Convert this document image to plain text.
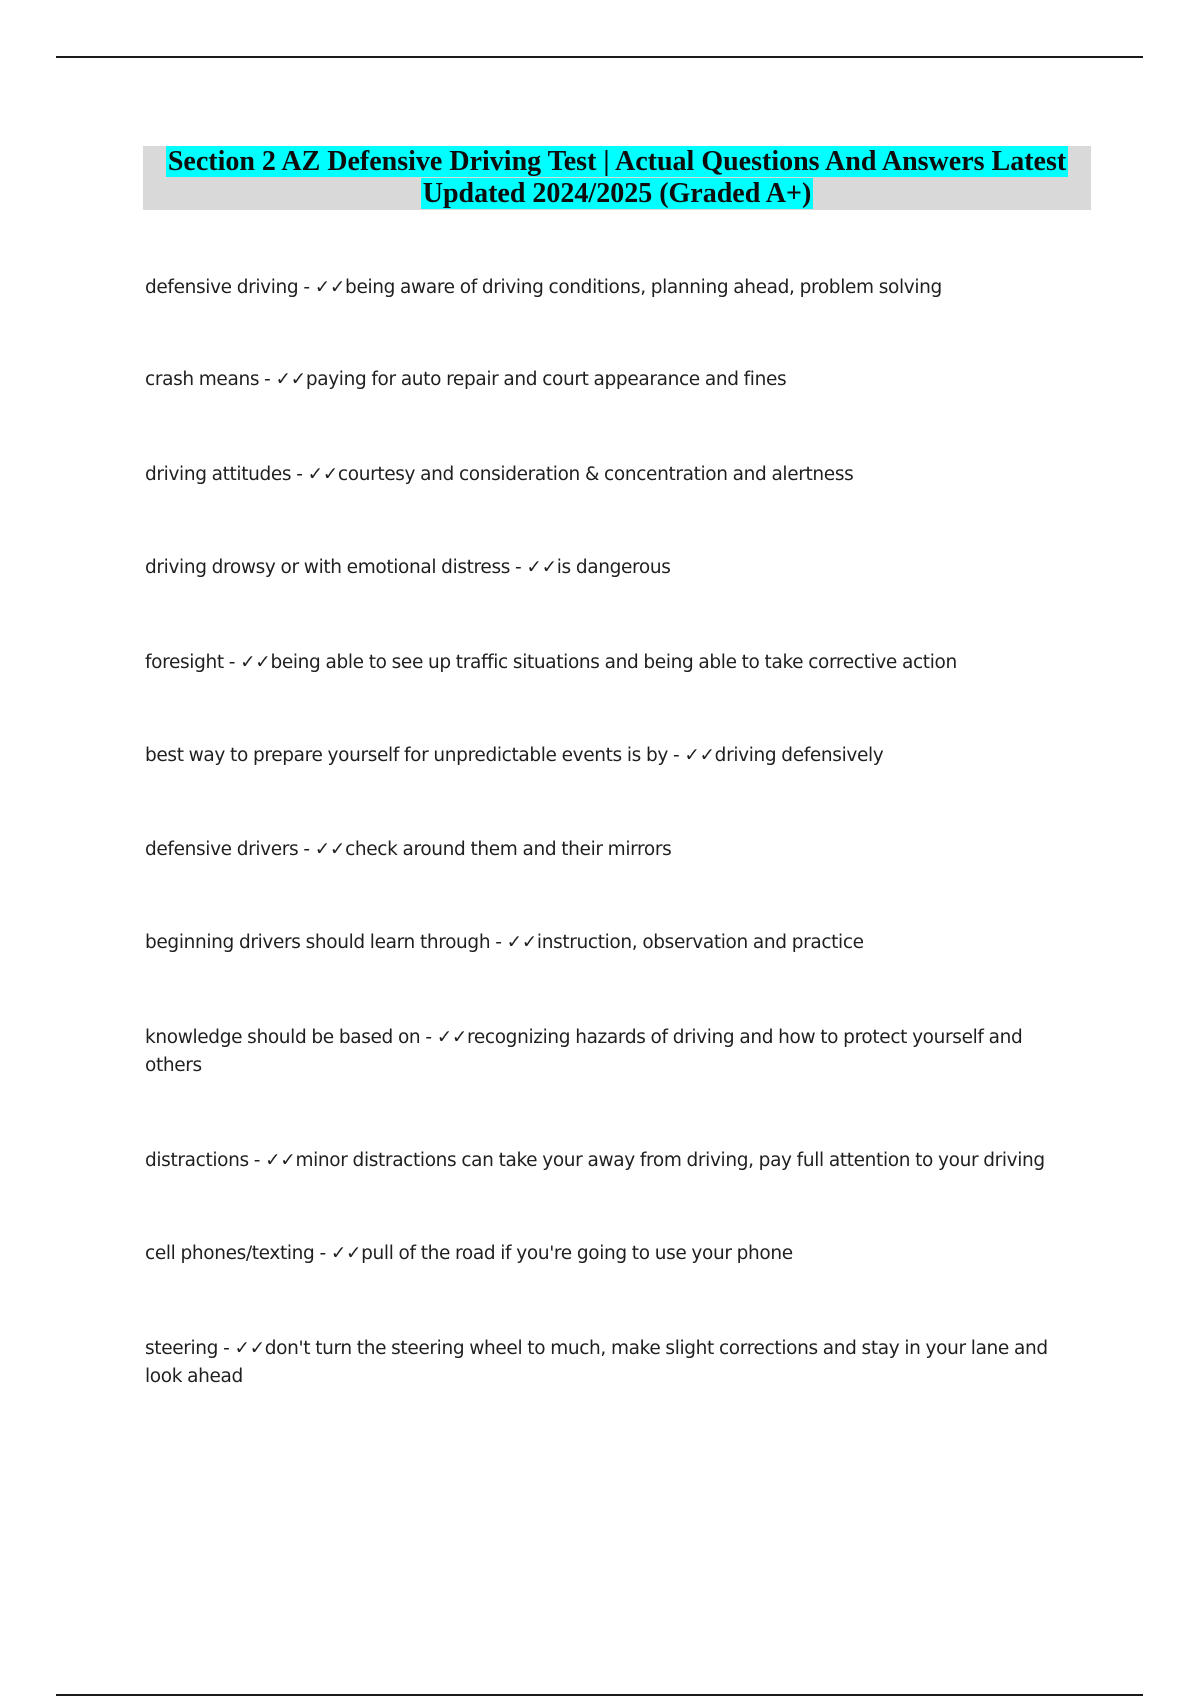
Section 2 AZ Defensive Driving Test | Actual Questions And Answers Latest
Updated 2024/2025 (Graded A+)
defensive driving - ✓✓being aware of driving conditions, planning ahead, problem solving
crash means - ✓✓paying for auto repair and court appearance and fines
driving attitudes - ✓✓courtesy and consideration & concentration and alertness
driving drowsy or with emotional distress - ✓✓is dangerous
foresight - ✓✓being able to see up traffic situations and being able to take corrective action
best way to prepare yourself for unpredictable events is by - ✓✓driving defensively
defensive drivers - ✓✓check around them and their mirrors
beginning drivers should learn through - ✓✓instruction, observation and practice
knowledge should be based on - ✓✓recognizing hazards of driving and how to protect yourself and others
distractions - ✓✓minor distractions can take your away from driving, pay full attention to your driving
cell phones/texting - ✓✓pull of the road if you're going to use your phone
steering - ✓✓don't turn the steering wheel to much, make slight corrections and stay in your lane and look ahead
